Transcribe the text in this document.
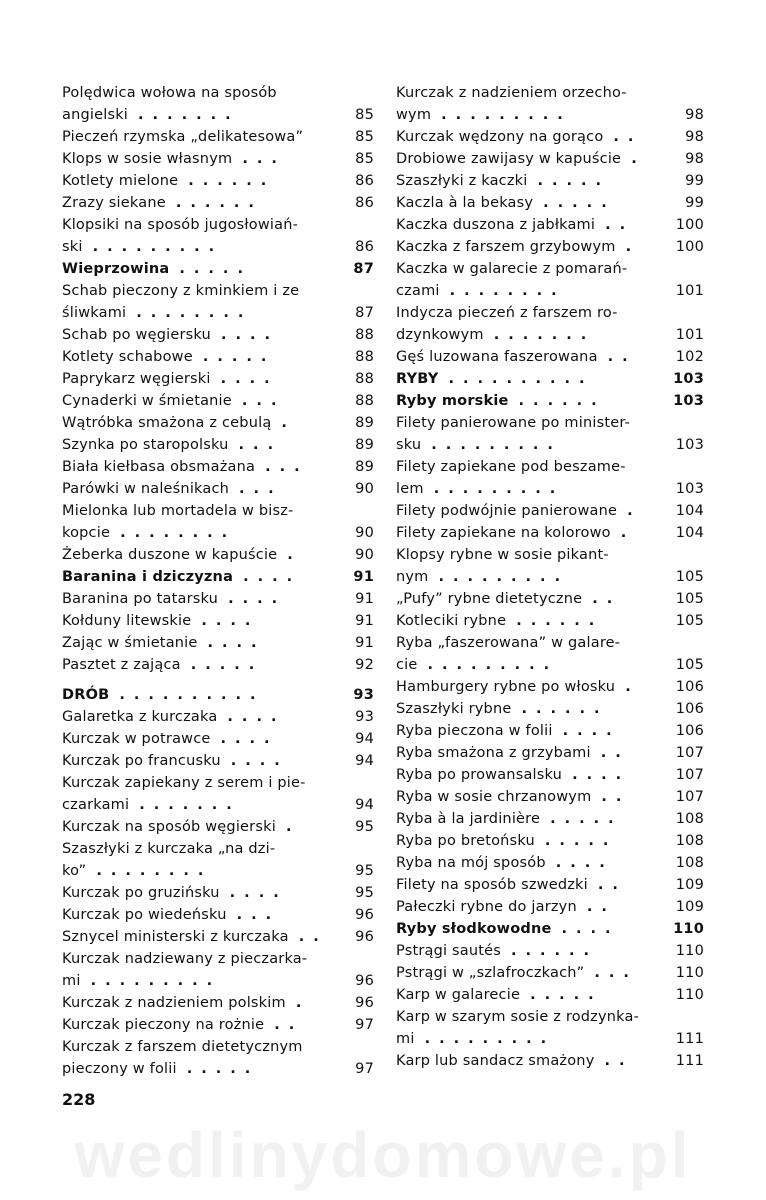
Polędwica wołowa na sposób
angielski .......	85
Pieczeń rzymska „delikatesowa”	85
Klops w sosie własnym ...	85
Kotlety mielone ......	86
Zrazy siekane ......	86
Klopsiki na sposób jugosłowiań-
ski .........	86
Wieprzowina .....	87
Schab pieczony z kminkiem i ze
śliwkami ........	87
Schab po węgiersku ....	88
Kotlety schabowe .....	88
Paprykarz węgierski ....	88
Cynaderki w śmietanie ...	88
Wątróbka smażona z cebulą .	89
Szynka po staropolsku ...	89
Biała kiełbasa obsmażana ...	89
Parówki w naleśnikach ...	90
Mielonka lub mortadela w bisz-
kopcie ........	90
Żeberka duszone w kapuście .	90
Baranina i dziczyzna ....	91
Baranina po tatarsku ....	91
Kołduny litewskie ....	91
Zając w śmietanie ....	91
Pasztet z zająca .....	92
DRÓB ..........	93
Galaretka z kurczaka ....	93
Kurczak w potrawce ....	94
Kurczak po francusku ....	94
Kurczak zapiekany z serem i pie-
czarkami .......	94
Kurczak na sposób węgierski .	95
Szaszłyki z kurczaka „na dzi-
ko” ........	95
Kurczak po gruzińsku ....	95
Kurczak po wiedeńsku ...	96
Sznycel ministerski z kurczaka .. 96
Kurczak nadziewany z pieczarka-
mi .........	96
Kurczak z nadzieniem polskim .	96
Kurczak pieczony na rożnie ..	97
Kurczak z farszem dietetycznym
pieczony w folii .....	97
Kurczak z nadzieniem orzecho-
wym .........	98
Kurczak wędzony na gorąco ..	98
Drobiowe zawijasy w kapuście .	98
Szaszłyki z kaczki .....	99
Kaczla à la bekasy .....	99
Kaczka duszona z jabłkami ..	100
Kaczka z farszem grzybowym . 100
Kaczka w galarecie z pomarań-
czami ........	101
Indycza pieczeń z farszem ro-
dzynkowym .......	101
Gęś luzowana faszerowana ..	102
RYBY ..........	103
Ryby morskie ......	103
Filety panierowane po minister-
sku .........	103
Filety zapiekane pod beszame-
lem .........	103
Filety podwójnie panierowane . 104
Filety zapiekane na kolorowo .	104
Klopsy rybne w sosie pikant-
nym .........	105
„Pufy” rybne dietetyczne ..	105
Kotleciki rybne ......	105
Ryba „faszerowana” w galare-
cie .........	105
Hamburgery rybne po włosku . 106
Szaszłyki rybne ......	106
Ryba pieczona w folii ....	106
Ryba smażona z grzybami ..	107
Ryba po prowansalsku ....	107
Ryba w sosie chrzanowym ..	107
Ryba à la jardinière .....	108
Ryba po bretońsku .....	108
Ryba na mój sposób ....	108
Filety na sposób szwedzki ..	109
Pałeczki rybne do jarzyn ..	109
Ryby słodkowodne ....	110
Pstrągi sautés ......	110
Pstrągi w „szlafroczkach” ...	110
Karp w galarecie .....	110
Karp w szarym sosie z rodzynka-
mi .........	111
Karp lub sandacz smażony ..	111
wedlinydomowe.pl
228
